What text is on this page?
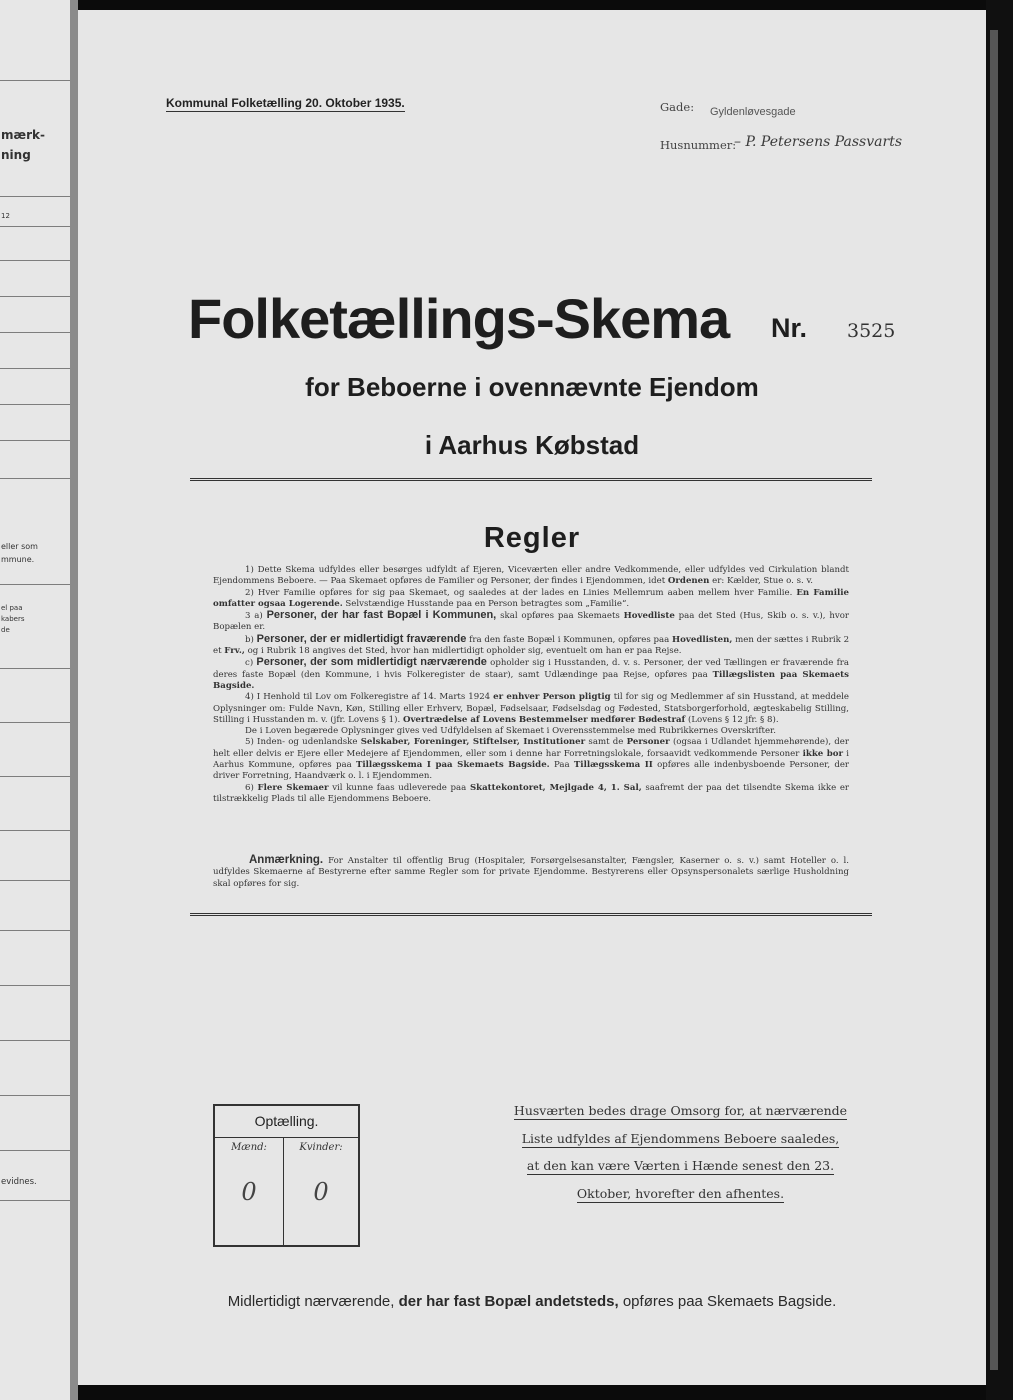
mærk-
ning
12
eller som
mmune.
el paa
kabers
de
evidnes.
Kommunal Folketælling 20. Oktober 1935.	Gade: Gyldenløvesgade
Husnummer:
– P. Petersens Passvarts
Folketællings-Skema Nr. 3525
for Beboerne i ovennævnte Ejendom
i Aarhus Købstad
Regler

1) Dette Skema udfyldes eller besørges udfyldt af Ejeren, Viceværten eller andre Vedkommende, eller udfyldes ved Cirkulation blandt Ejendommens Beboere. — Paa Skemaet opføres de Familier og Personer, der findes i Ejendommen, idet Ordenen er: Kælder, Stue o. s. v.

2) Hver Familie opføres for sig paa Skemaet, og saaledes at der lades en Linies Mellemrum aaben mellem hver Familie. En Familie omfatter ogsaa Logerende. Selvstændige Husstande paa en Person betragtes som „Familie“.

3 a) Personer, der har fast Bopæl i Kommunen, skal opføres paa Skemaets Hovedliste paa det Sted (Hus, Skib o. s. v.), hvor Bopælen er.

b) Personer, der er midlertidigt fraværende fra den faste Bopæl i Kommunen, opføres paa Hovedlisten, men der sættes i Rubrik 2 et Frv., og i Rubrik 18 angives det Sted, hvor han midlertidigt opholder sig, eventuelt om han er paa Rejse.

c) Personer, der som midlertidigt nærværende opholder sig i Husstanden, d. v. s. Personer, der ved Tællingen er fraværende fra deres faste Bopæl (den Kommune, i hvis Folkeregister de staar), samt Udlændinge paa Rejse, opføres paa Tillægslisten paa Skemaets Bagside.

4) I Henhold til Lov om Folkeregistre af 14. Marts 1924 er enhver Person pligtig til for sig og Medlemmer af sin Husstand, at meddele Oplysninger om: Fulde Navn, Køn, Stilling eller Erhverv, Bopæl, Fødselsaar, Fødselsdag og Fødested, Statsborgerforhold, ægteskabelig Stilling, Stilling i Husstanden m. v. (jfr. Lovens § 1). Overtrædelse af Lovens Bestemmelser medfører Bødestraf (Lovens § 12 jfr. § 8).

De i Loven begærede Oplysninger gives ved Udfyldelsen af Skemaet i Overensstemmelse med Rubrikkernes Overskrifter.

5) Inden- og udenlandske Selskaber, Foreninger, Stiftelser, Institutioner samt de Personer (ogsaa i Udlandet hjemmehørende), der helt eller delvis er Ejere eller Medejere af Ejendommen, eller som i denne har Forretningslokale, forsaavidt vedkommende Personer ikke bor i Aarhus Kommune, opføres paa Tillægsskema I paa Skemaets Bagside. Paa Tillægsskema II opføres alle indenbysboende Personer, der driver Forretning, Haandværk o. l. i Ejendommen.

6) Flere Skemaer vil kunne faas udleverede paa Skattekontoret, Mejlgade 4, 1. Sal, saafremt der paa det tilsendte Skema ikke er tilstrækkelig Plads til alle Ejendommens Beboere.

Anmærkning. For Anstalter til offentlig Brug (Hospitaler, Forsørgelsesanstalter, Fængsler, Kaserner o. s. v.) samt Hoteller o. l. udfyldes Skemaerne af Bestyrerne efter samme Regler som for private Ejendomme. Bestyrerens eller Opsynspersonalets særlige Husholdning skal opføres for sig.

Optælling.
Mænd:
0
Kvinder:
0
Husværten bedes drage Omsorg for, at nærværende
Liste udfyldes af Ejendommens Beboere saaledes,
at den kan være Værten i Hænde senest den 23.
Oktober, hvorefter den afhentes.
Midlertidigt nærværende, der har fast Bopæl andetsteds, opføres paa Skemaets Bagside.
